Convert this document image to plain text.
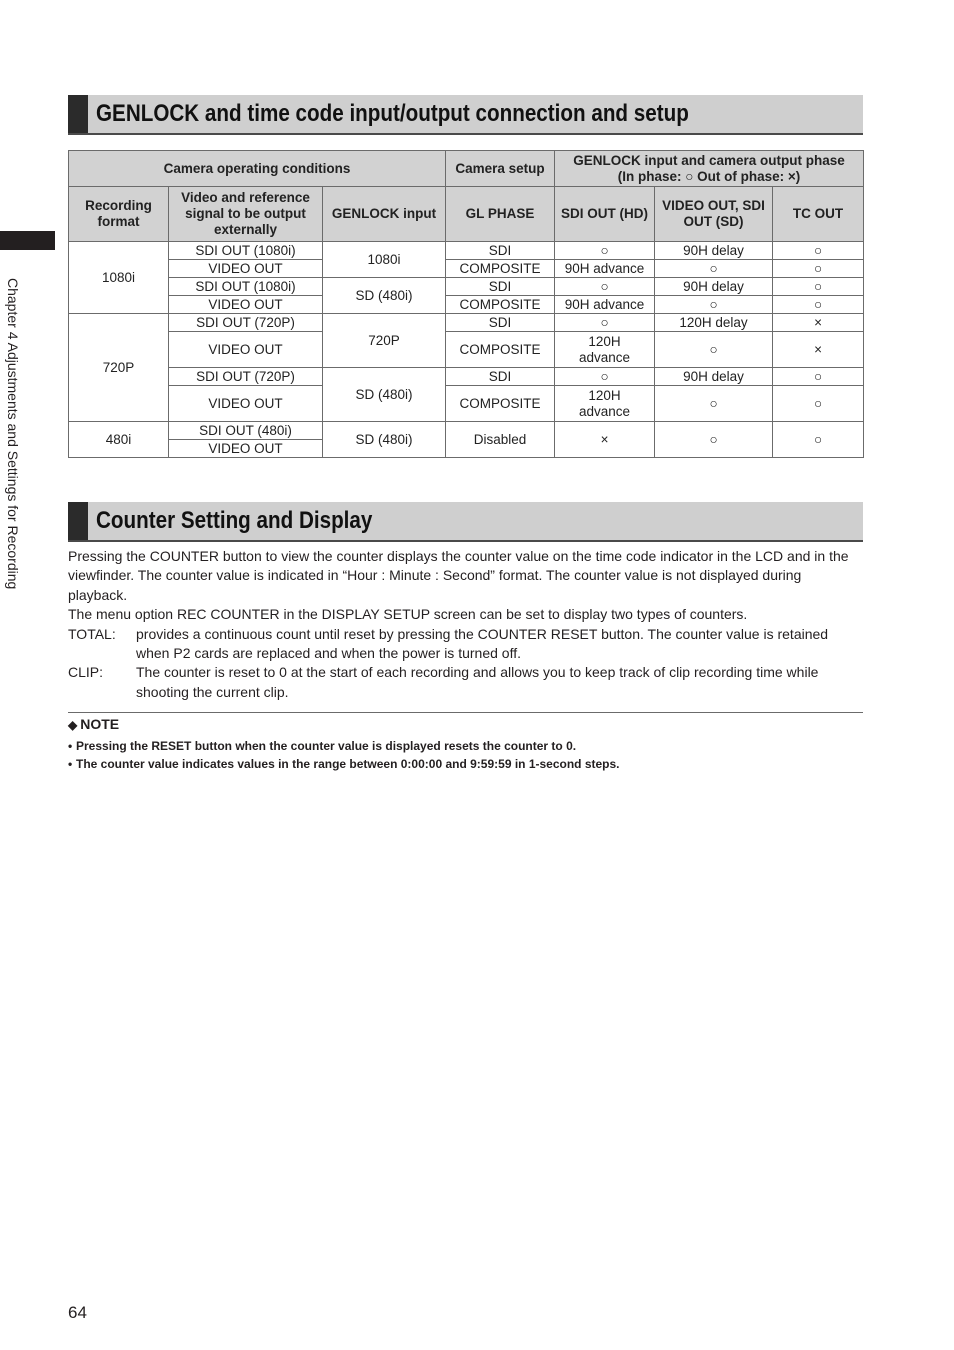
Chapter 4 Adjustments and Settings for Recording
GENLOCK and time code input/output connection and setup
Camera operating conditions			Camera setup	GENLOCK input and camera output phase
(In phase: ○ Out of phase: ×)		
Recording format	Video and reference signal to be output externally	GENLOCK input	GL PHASE	SDI OUT (HD)	VIDEO OUT, SDI OUT (SD)	TC OUT
1080i	SDI OUT (1080i)	1080i	SDI	○	90H delay	○
	VIDEO OUT		COMPOSITE	90H advance	○	○
	SDI OUT (1080i)	SD (480i)	SDI	○	90H delay	○
	VIDEO OUT		COMPOSITE	90H advance	○	○
720P	SDI OUT (720P)	720P	SDI	○	120H delay	×
	VIDEO OUT		COMPOSITE	120H advance	○	×
	SDI OUT (720P)	SD (480i)	SDI	○	90H delay	○
	VIDEO OUT		COMPOSITE	120H advance	○	○
480i	SDI OUT (480i)	SD (480i)	Disabled	×	○	○
	VIDEO OUT					
Counter Setting and Display

Pressing the COUNTER button to view the counter displays the counter value on the time code indicator in the LCD and in the viewfinder. The counter value is indicated in “Hour : Minute : Second” format. The counter value is not displayed during playback.

The menu option REC COUNTER in the DISPLAY SETUP screen can be set to display two types of counters.

TOTAL:	provides a continuous count until reset by pressing the COUNTER RESET button. The counter value is retained when P2 cards are replaced and when the power is turned off.
CLIP:	The counter is reset to 0 at the start of each recording and allows you to keep track of clip recording time while shooting the current clip.
◆ NOTE
• Pressing the RESET button when the counter value is displayed resets the counter to 0.
• The counter value indicates values in the range between 0:00:00 and 9:59:59 in 1-second steps.
64
